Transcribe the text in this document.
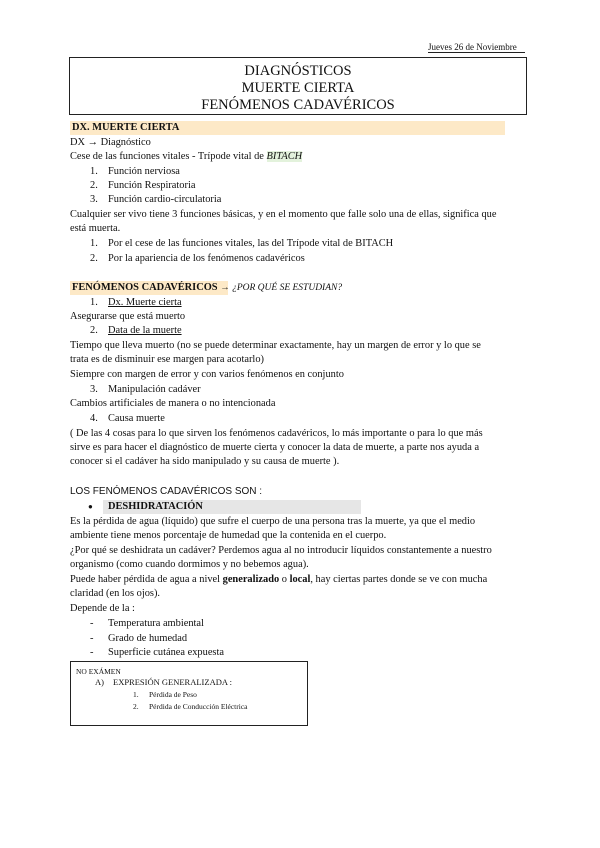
Jueves 26 de Noviembre
DIAGNÓSTICOS
MUERTE CIERTA
FENÓMENOS CADAVÉRICOS
DX. MUERTE CIERTA
DX → Diagnóstico
Cese de las funciones vitales - Trípode vital de BITACH
1. Función nerviosa
2. Función Respiratoria
3. Función cardio-circulatoria
Cualquier ser vivo tiene 3 funciones básicas, y en el momento que falle solo una de ellas, significa que
está muerta.
1. Por el cese de las funciones vitales, las del Trípode vital de BITACH
2. Por la apariencia de los fenómenos cadavéricos
FENÓMENOS CADAVÉRICOS → ¿POR QUÉ SE ESTUDIAN?
1. Dx. Muerte cierta
Asegurarse que está muerto
2. Data de la muerte
Tiempo que lleva muerto (no se puede determinar exactamente, hay un margen de error y lo que se
trata es de disminuir ese margen para acotarlo)
Siempre con margen de error y con varios fenómenos en conjunto
3. Manipulación cadáver
Cambios artificiales de manera o no intencionada
4. Causa muerte
( De las 4 cosas para lo que sirven los fenómenos cadavéricos, lo más importante o para lo que más
sirve es para hacer el diagnóstico de muerte cierta y conocer la data de muerte, a parte nos ayuda a
conocer si el cadáver ha sido manipulado y su causa de muerte ).
LOS FENÓMENOS CADAVÉRICOS SON :
● DESHIDRATACIÓN
Es la pérdida de agua (líquido) que sufre el cuerpo de una persona tras la muerte, ya que el medio
ambiente tiene menos porcentaje de humedad que la contenida en el cuerpo.
¿Por qué se deshidrata un cadáver? Perdemos agua al no introducir líquidos constantemente a nuestro
organismo (como cuando dormimos y no bebemos agua).
Puede haber pérdida de agua a nivel generalizado o local, hay ciertas partes donde se ve con mucha
claridad (en los ojos).
Depende de la :
- Temperatura ambiental
- Grado de humedad
- Superficie cutánea expuesta
NO EXÁMEN
A) EXPRESIÓN GENERALIZADA :
1. Pérdida de Peso
2. Pérdida de Conducción Eléctrica
